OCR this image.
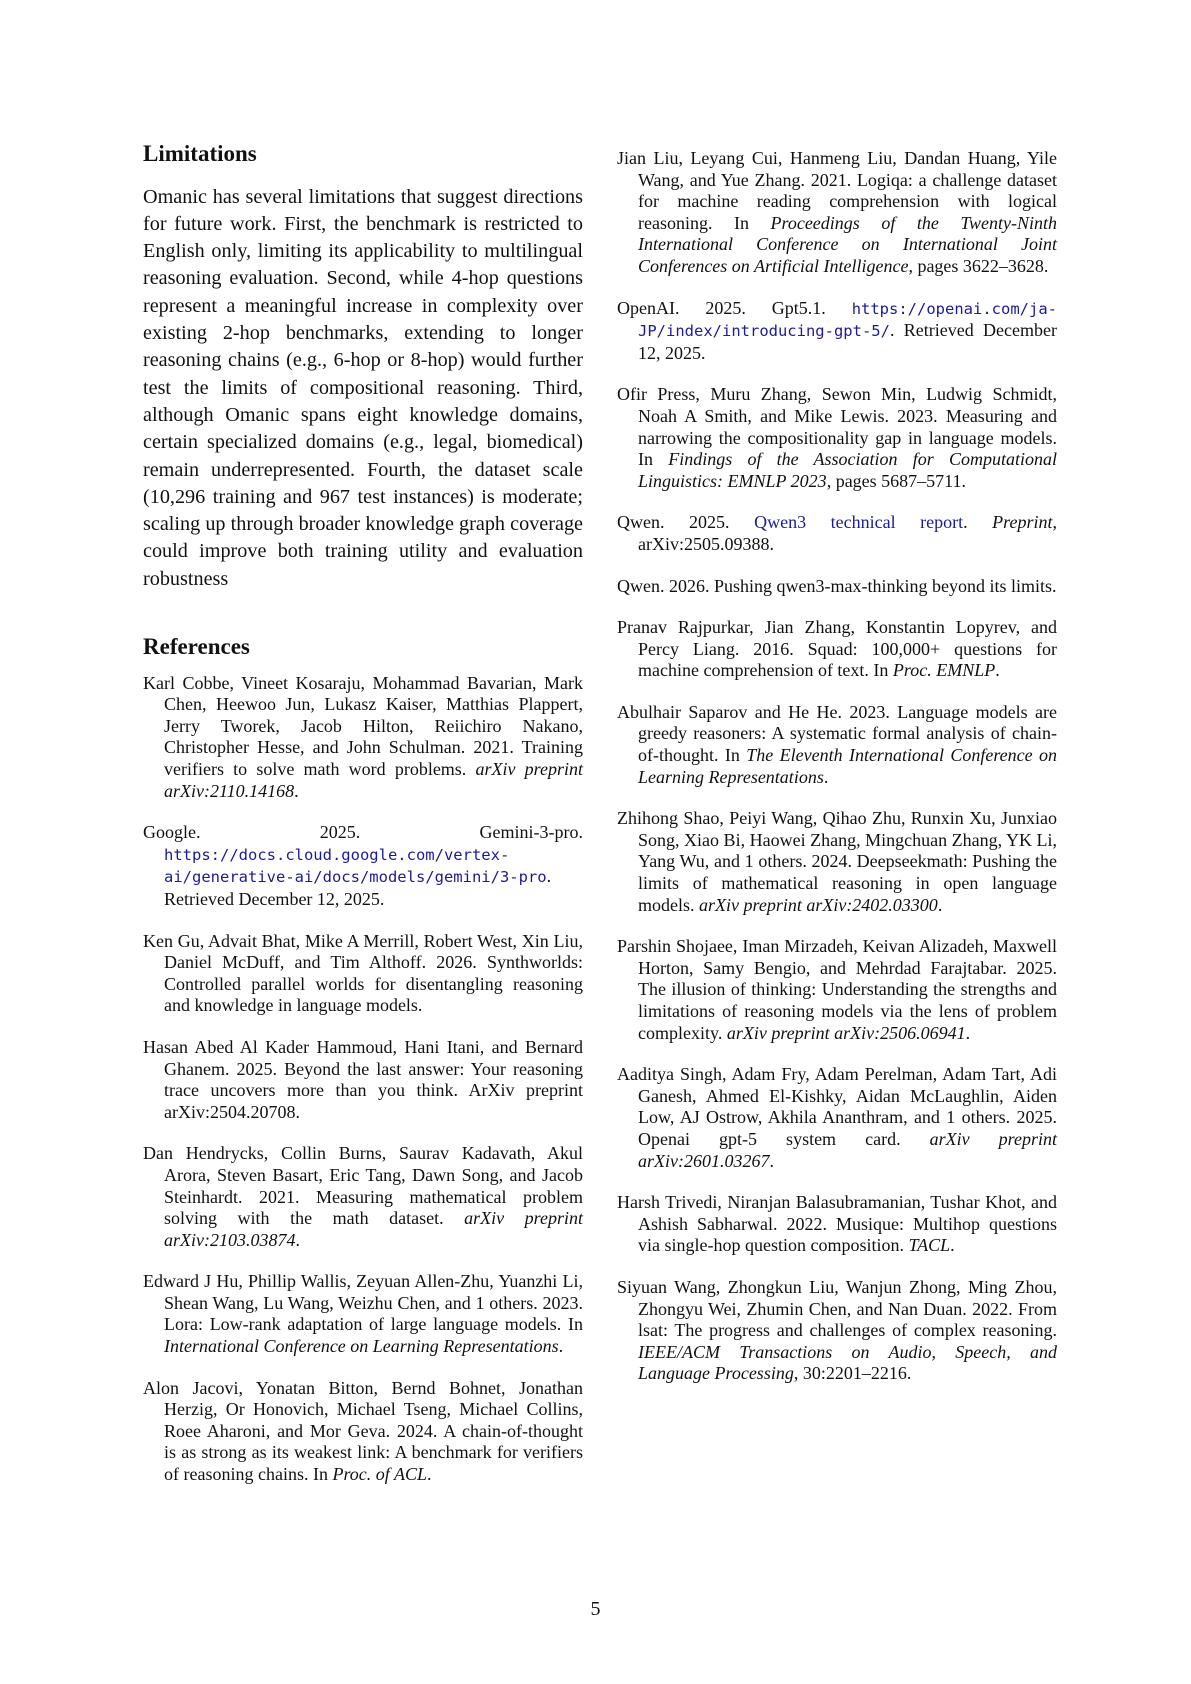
Limitations

Omanic has several limitations that suggest directions for future work. First, the benchmark is restricted to English only, limiting its applicability to multilingual reasoning evaluation. Second, while 4-hop questions represent a meaningful increase in complexity over existing 2-hop benchmarks, extending to longer reasoning chains (e.g., 6-hop or 8-hop) would further test the limits of compositional reasoning. Third, although Omanic spans eight knowledge domains, certain specialized domains (e.g., legal, biomedical) remain underrepresented. Fourth, the dataset scale (10,296 training and 967 test instances) is moderate; scaling up through broader knowledge graph coverage could improve both training utility and evaluation robustness

References

Karl Cobbe, Vineet Kosaraju, Mohammad Bavarian, Mark Chen, Heewoo Jun, Lukasz Kaiser, Matthias Plappert, Jerry Tworek, Jacob Hilton, Reiichiro Nakano, Christopher Hesse, and John Schulman. 2021. Training verifiers to solve math word problems. arXiv preprint arXiv:2110.14168.

Google. 2025. Gemini-3-pro. https://docs.cloud.google.com/vertex-ai/generative-ai/docs/models/gemini/3-pro. Retrieved December 12, 2025.

Ken Gu, Advait Bhat, Mike A Merrill, Robert West, Xin Liu, Daniel McDuff, and Tim Althoff. 2026. Synthworlds: Controlled parallel worlds for disentangling reasoning and knowledge in language models.

Hasan Abed Al Kader Hammoud, Hani Itani, and Bernard Ghanem. 2025. Beyond the last answer: Your reasoning trace uncovers more than you think. ArXiv preprint arXiv:2504.20708.

Dan Hendrycks, Collin Burns, Saurav Kadavath, Akul Arora, Steven Basart, Eric Tang, Dawn Song, and Jacob Steinhardt. 2021. Measuring mathematical problem solving with the math dataset. arXiv preprint arXiv:2103.03874.

Edward J Hu, Phillip Wallis, Zeyuan Allen-Zhu, Yuanzhi Li, Shean Wang, Lu Wang, Weizhu Chen, and 1 others. 2023. Lora: Low-rank adaptation of large language models. In International Conference on Learning Representations.

Alon Jacovi, Yonatan Bitton, Bernd Bohnet, Jonathan Herzig, Or Honovich, Michael Tseng, Michael Collins, Roee Aharoni, and Mor Geva. 2024. A chain-of-thought is as strong as its weakest link: A benchmark for verifiers of reasoning chains. In Proc. of ACL.

Jian Liu, Leyang Cui, Hanmeng Liu, Dandan Huang, Yile Wang, and Yue Zhang. 2021. Logiqa: a challenge dataset for machine reading comprehension with logical reasoning. In Proceedings of the Twenty-Ninth International Conference on International Joint Conferences on Artificial Intelligence, pages 3622–3628.

OpenAI. 2025. Gpt5.1. https://openai.com/ja-JP/index/introducing-gpt-5/. Retrieved December 12, 2025.

Ofir Press, Muru Zhang, Sewon Min, Ludwig Schmidt, Noah A Smith, and Mike Lewis. 2023. Measuring and narrowing the compositionality gap in language models. In Findings of the Association for Computational Linguistics: EMNLP 2023, pages 5687–5711.

Qwen. 2025. Qwen3 technical report. Preprint, arXiv:2505.09388.

Qwen. 2026. Pushing qwen3-max-thinking beyond its limits.

Pranav Rajpurkar, Jian Zhang, Konstantin Lopyrev, and Percy Liang. 2016. Squad: 100,000+ questions for machine comprehension of text. In Proc. EMNLP.

Abulhair Saparov and He He. 2023. Language models are greedy reasoners: A systematic formal analysis of chain-of-thought. In The Eleventh International Conference on Learning Representations.

Zhihong Shao, Peiyi Wang, Qihao Zhu, Runxin Xu, Junxiao Song, Xiao Bi, Haowei Zhang, Mingchuan Zhang, YK Li, Yang Wu, and 1 others. 2024. Deepseekmath: Pushing the limits of mathematical reasoning in open language models. arXiv preprint arXiv:2402.03300.

Parshin Shojaee, Iman Mirzadeh, Keivan Alizadeh, Maxwell Horton, Samy Bengio, and Mehrdad Farajtabar. 2025. The illusion of thinking: Understanding the strengths and limitations of reasoning models via the lens of problem complexity. arXiv preprint arXiv:2506.06941.

Aaditya Singh, Adam Fry, Adam Perelman, Adam Tart, Adi Ganesh, Ahmed El-Kishky, Aidan McLaughlin, Aiden Low, AJ Ostrow, Akhila Ananthram, and 1 others. 2025. Openai gpt-5 system card. arXiv preprint arXiv:2601.03267.

Harsh Trivedi, Niranjan Balasubramanian, Tushar Khot, and Ashish Sabharwal. 2022. Musique: Multihop questions via single-hop question composition. TACL.

Siyuan Wang, Zhongkun Liu, Wanjun Zhong, Ming Zhou, Zhongyu Wei, Zhumin Chen, and Nan Duan. 2022. From lsat: The progress and challenges of complex reasoning. IEEE/ACM Transactions on Audio, Speech, and Language Processing, 30:2201–2216.

5
